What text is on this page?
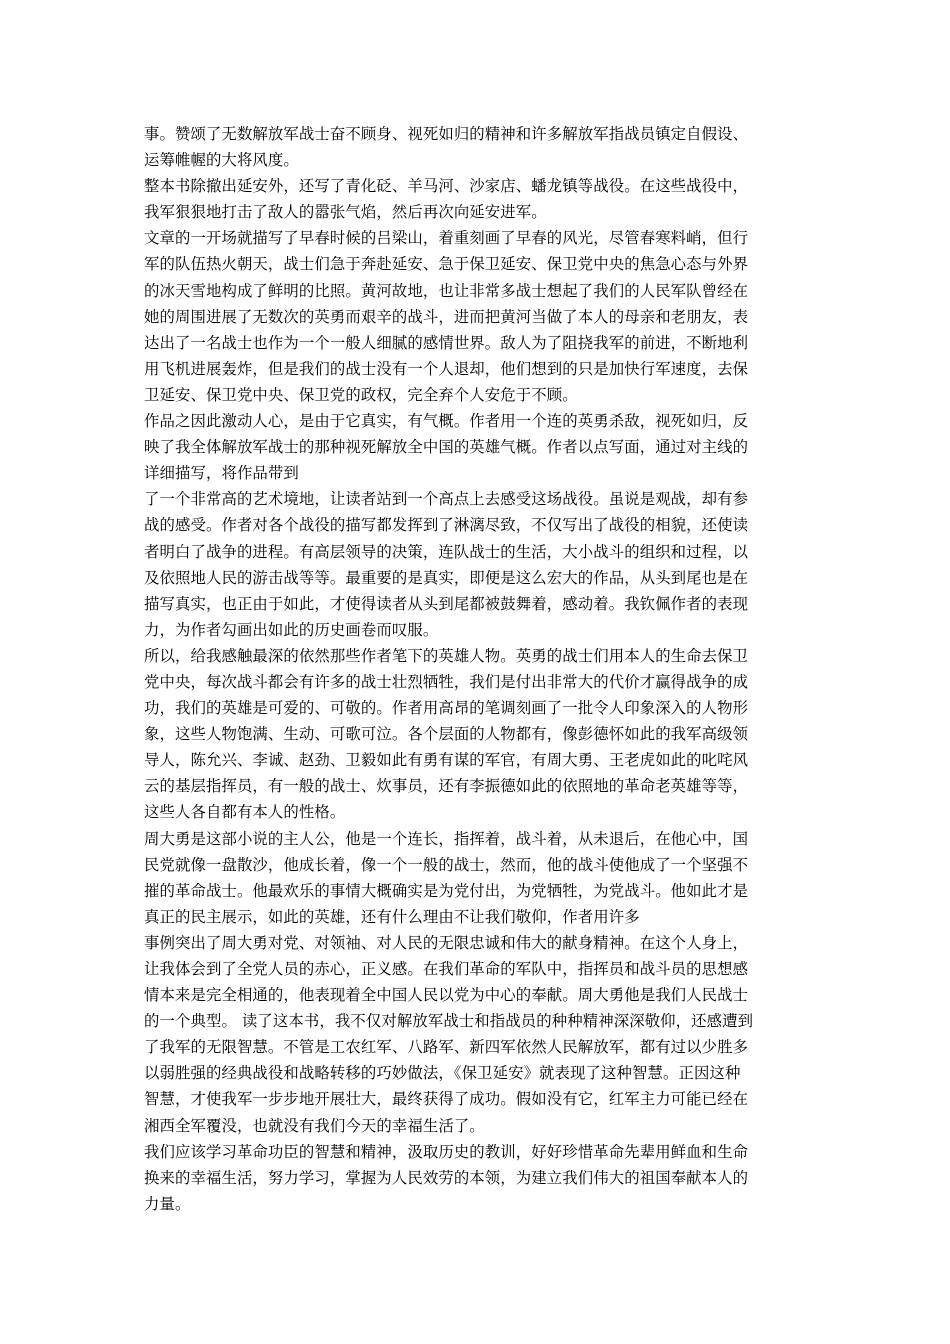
事。赞颂了无数解放军战士奋不顾身、视死如归的精神和许多解放军指战员镇定自假设、
运筹帷幄的大将风度。
整本书除撤出延安外，还写了青化砭、羊马河、沙家店、蟠龙镇等战役。在这些战役中，
我军狠狠地打击了敌人的嚣张气焰，然后再次向延安进军。
文章的一开场就描写了早春时候的吕梁山，着重刻画了早春的风光，尽管春寒料峭，但行
军的队伍热火朝天，战士们急于奔赴延安、急于保卫延安、保卫党中央的焦急心态与外界
的冰天雪地构成了鲜明的比照。黄河故地，也让非常多战士想起了我们的人民军队曾经在
她的周围进展了无数次的英勇而艰辛的战斗，进而把黄河当做了本人的母亲和老朋友，表
达出了一名战士也作为一个一般人细腻的感情世界。敌人为了阻挠我军的前进，不断地利
用飞机进展轰炸，但是我们的战士没有一个人退却，他们想到的只是加快行军速度，去保
卫延安、保卫党中央、保卫党的政权，完全弃个人安危于不顾。
作品之因此激动人心，是由于它真实，有气概。作者用一个连的英勇杀敌，视死如归，反
映了我全体解放军战士的那种视死解放全中国的英雄气概。作者以点写面，通过对主线的
详细描写，将作品带到
了一个非常高的艺术境地，让读者站到一个高点上去感受这场战役。虽说是观战，却有参
战的感受。作者对各个战役的描写都发挥到了淋漓尽致，不仅写出了战役的相貌，还使读
者明白了战争的进程。有高层领导的决策，连队战士的生活，大小战斗的组织和过程，以
及依照地人民的游击战等等。最重要的是真实，即便是这么宏大的作品，从头到尾也是在
描写真实，也正由于如此，才使得读者从头到尾都被鼓舞着，感动着。我钦佩作者的表现
力，为作者勾画出如此的历史画卷而叹服。
所以，给我感触最深的依然那些作者笔下的英雄人物。英勇的战士们用本人的生命去保卫
党中央，每次战斗都会有许多的战士壮烈牺牲，我们是付出非常大的代价才赢得战争的成
功，我们的英雄是可爱的、可敬的。作者用高昂的笔调刻画了一批令人印象深入的人物形
象，这些人物饱满、生动、可歌可泣。各个层面的人物都有，像彭德怀如此的我军高级领
导人，陈允兴、李诚、赵劲、卫毅如此有勇有谋的军官，有周大勇、王老虎如此的叱咤风
云的基层指挥员，有一般的战士、炊事员，还有李振德如此的依照地的革命老英雄等等，
这些人各自都有本人的性格。
周大勇是这部小说的主人公，他是一个连长，指挥着，战斗着，从未退后，在他心中，国
民党就像一盘散沙，他成长着，像一个一般的战士，然而，他的战斗使他成了一个坚强不
摧的革命战士。他最欢乐的事情大概确实是为党付出，为党牺牲，为党战斗。他如此才是
真正的民主展示，如此的英雄，还有什么理由不让我们敬仰，作者用许多
事例突出了周大勇对党、对领袖、对人民的无限忠诚和伟大的献身精神。在这个人身上，
让我体会到了全党人员的赤心，正义感。在我们革命的军队中，指挥员和战斗员的思想感
情本来是完全相通的，他表现着全中国人民以党为中心的奉献。周大勇他是我们人民战士
的一个典型。 读了这本书，我不仅对解放军战士和指战员的种种精神深深敬仰，还感遭到
了我军的无限智慧。不管是工农红军、八路军、新四军依然人民解放军，都有过以少胜多
以弱胜强的经典战役和战略转移的巧妙做法，《保卫延安》就表现了这种智慧。正因这种
智慧，才使我军一步步地开展壮大，最终获得了成功。假如没有它，红军主力可能已经在
湘西全军覆没，也就没有我们今天的幸福生活了。
我们应该学习革命功臣的智慧和精神，汲取历史的教训，好好珍惜革命先辈用鲜血和生命
换来的幸福生活，努力学习，掌握为人民效劳的本领，为建立我们伟大的祖国奉献本人的
力量。
